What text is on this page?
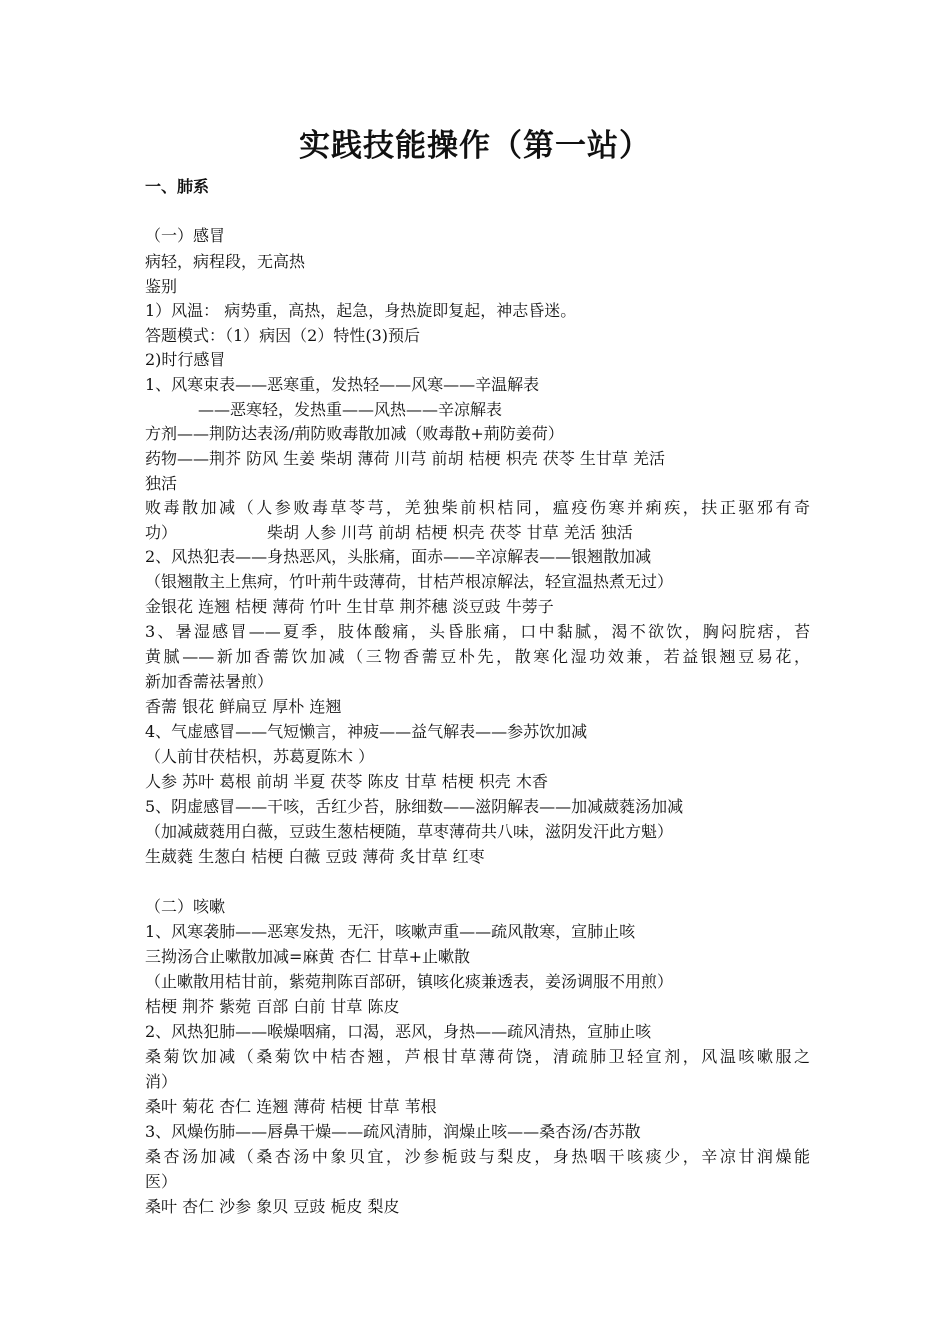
实践技能操作（第一站）
一、肺系
（一）感冒
病轻，病程段，无高热
鉴别
1）风温： 病势重，高热，起急，身热旋即复起，神志昏迷。
答题模式：（1）病因（2）特性(3)预后
2)时行感冒
1、风寒束表——恶寒重，发热轻——风寒——辛温解表
——恶寒轻，发热重——风热——辛凉解表
方剂——荆防达表汤/荊防败毒散加减（败毒散+荊防姜荷）
药物——荆芥 防风 生姜 柴胡 薄荷 川芎 前胡 桔梗 枳壳 茯苓 生甘草 羌活
独活
败毒散加减（人参败毒草苓芎，羌独柴前枳桔同，瘟疫伤寒并痢疾，扶正驱邪有奇
功）	柴胡 人参 川芎 前胡 桔梗 枳壳 茯苓 甘草 羌活 独活
2、风热犯表——身热恶风，头胀痛，面赤——辛凉解表——银翘散加减
（银翘散主上焦疴，竹叶荊牛豉薄荷，甘桔芦根凉解法，轻宣温热煮无过）
金银花 连翘 桔梗 薄荷 竹叶 生甘草 荆芥穗 淡豆豉 牛蒡子
3、暑湿感冒——夏季，肢体酸痛，头昏胀痛，口中黏腻，渴不欲饮，胸闷脘痞，苔
黄腻——新加香薷饮加减（三物香薷豆朴先，散寒化湿功效兼，若益银翘豆易花，
新加香薷祛暑煎）
香薷 银花 鲜扁豆 厚朴 连翘
4、气虚感冒——气短懒言，神疲——益气解表——参苏饮加减
（人前甘茯桔枳，苏葛夏陈木 ）
人参 苏叶 葛根 前胡 半夏 茯苓 陈皮 甘草 桔梗 枳壳 木香
5、阴虚感冒——干咳，舌红少苔，脉细数——滋阴解表——加减葳蕤汤加减
（加减葳蕤用白薇，豆豉生葱桔梗随，草枣薄荷共八味，滋阴发汗此方魁）
生葳蕤 生葱白 桔梗 白薇 豆豉 薄荷 炙甘草 红枣
（二）咳嗽
1、风寒袭肺——恶寒发热，无汗，咳嗽声重——疏风散寒，宣肺止咳
三拗汤合止嗽散加减=麻黄 杏仁 甘草+止嗽散
（止嗽散用桔甘前，紫菀荆陈百部研，镇咳化痰兼透表，姜汤调服不用煎）
桔梗 荆芥 紫菀 百部 白前 甘草 陈皮
2、风热犯肺——喉燥咽痛，口渴，恶风，身热——疏风清热，宣肺止咳
桑菊饮加减（桑菊饮中桔杏翘，芦根甘草薄荷饶，清疏肺卫轻宣剂，风温咳嗽服之
消）
桑叶 菊花 杏仁 连翘 薄荷 桔梗 甘草 苇根
3、风燥伤肺——唇鼻干燥——疏风清肺，润燥止咳——桑杏汤/杏苏散
桑杏汤加减（桑杏汤中象贝宜，沙参栀豉与梨皮，身热咽干咳痰少，辛凉甘润燥能
医）
桑叶 杏仁 沙参 象贝 豆豉 栀皮 梨皮
